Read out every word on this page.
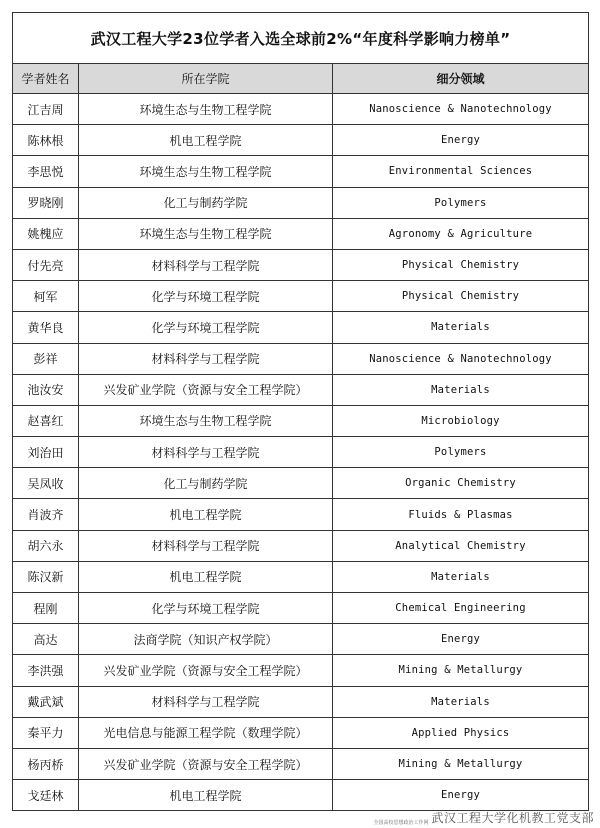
武汉工程大学23位学者入选全球前2%“年度科学影响力榜单”		
学者姓名	所在学院	细分领域
江吉周	环境生态与生物工程学院	Nanoscience & Nanotechnology
陈林根	机电工程学院	Energy
李思悦	环境生态与生物工程学院	Environmental Sciences
罗晓刚	化工与制药学院	Polymers
姚槐应	环境生态与生物工程学院	Agronomy & Agriculture
付先亮	材料科学与工程学院	Physical Chemistry
柯军	化学与环境工程学院	Physical Chemistry
黄华良	化学与环境工程学院	Materials
彭祥	材料科学与工程学院	Nanoscience & Nanotechnology
池汝安	兴发矿业学院（资源与安全工程学院）	Materials
赵喜红	环境生态与生物工程学院	Microbiology
刘治田	材料科学与工程学院	Polymers
吴凤收	化工与制药学院	Organic Chemistry
肖波齐	机电工程学院	Fluids & Plasmas
胡六永	材料科学与工程学院	Analytical Chemistry
陈汉新	机电工程学院	Materials
程刚	化学与环境工程学院	Chemical Engineering
高达	法商学院（知识产权学院）	Energy
李洪强	兴发矿业学院（资源与安全工程学院）	Mining & Metallurgy
戴武斌	材料科学与工程学院	Materials
秦平力	光电信息与能源工程学院（数理学院）	Applied Physics
杨丙桥	兴发矿业学院（资源与安全工程学院）	Mining & Metallurgy
戈廷林	机电工程学院	Energy
全国高校思想政治工作网 武汉工程大学化机教工党支部
